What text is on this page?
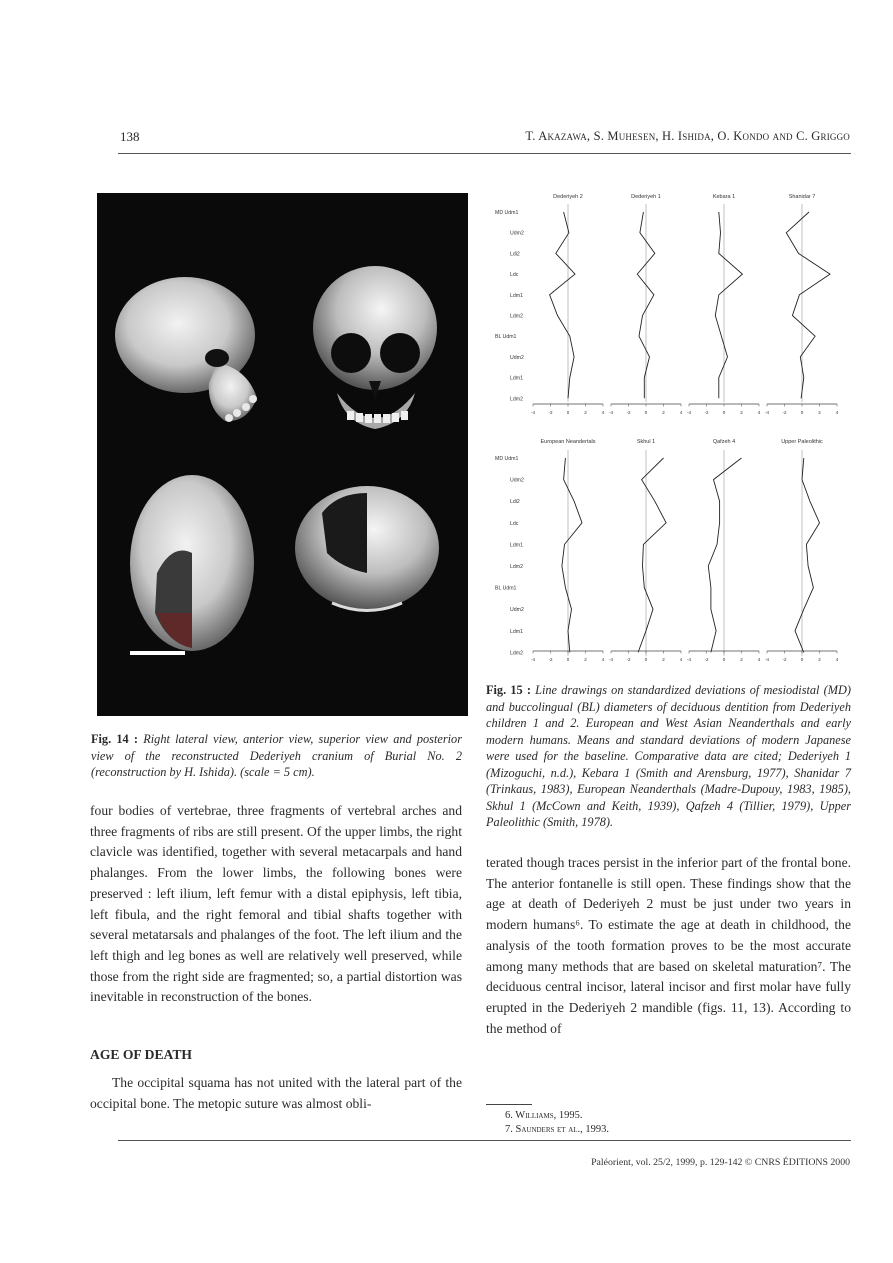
138	T. Akazawa, S. Muhesen, H. Ishida, O. Kondo and C. Griggo
Fig. 14 : Right lateral view, anterior view, superior view and posterior view of the reconstructed Dederiyeh cranium of Burial No. 2 (reconstruction by H. Ishida). (scale = 5 cm).

four bodies of vertebrae, three fragments of vertebral arches and three fragments of ribs are still present. Of the upper limbs, the right clavicle was identified, together with several metacarpals and hand phalanges. From the lower limbs, the following bones were preserved : left ilium, left femur with a distal epiphysis, left tibia, left fibula, and the right femoral and tibial shafts together with several metatarsals and phalanges of the foot. The left ilium and the left thigh and leg bones as well are relatively well preserved, while those from the right side are fragmented; so, a partial distortion was inevitable in reconstruction of the bones.

AGE OF DEATH

The occipital squama has not united with the lateral part of the occipital bone. The metopic suture was almost obli-

Dederiyeh 2
-4	-2	0	2	4
Dederiyeh 1
-4	-2	0	2	4
Kebara 1
-4	-2	0	2	4
Shanidar 7
-4	-2	0	2	4
European Neandertals
-4	-2	0	2	4
Skhul 1
-4	-2	0	2	4
Qafzeh 4
-4	-2	0	2	4
Upper Paleolithic
-4	-2	0	2	4
MD Udm1
Udm2
Ldi2
Ldc
Ldm1
Ldm2
BL Udm1
Udm2
Ldm1
Ldm2
MD Udm1
Udm2
Ldi2
Ldc
Ldm1
Ldm2
BL Udm1
Udm2
Ldm1
Ldm2
Fig. 15 : Line drawings on standardized deviations of mesiodistal (MD) and buccolingual (BL) diameters of deciduous dentition from Dederiyeh children 1 and 2. European and West Asian Neanderthals and early modern humans. Means and standard deviations of modern Japanese were used for the baseline. Comparative data are cited; Dederiyeh 1 (Mizoguchi, n.d.), Kebara 1 (Smith and Arensburg, 1977), Shanidar 7 (Trinkaus, 1983), European Neanderthals (Madre-Dupouy, 1983, 1985), Skhul 1 (McCown and Keith, 1939), Qafzeh 4 (Tillier, 1979), Upper Paleolithic (Smith, 1978).

terated though traces persist in the inferior part of the frontal bone. The anterior fontanelle is still open. These findings show that the age at death of Dederiyeh 2 must be just under two years in modern humans⁶. To estimate the age at death in childhood, the analysis of the tooth formation proves to be the most accurate among many methods that are based on skeletal maturation⁷. The deciduous central incisor, lateral incisor and first molar have fully erupted in the Dederiyeh 2 mandible (figs. 11, 13). According to the method of

6. Williams, 1995.
7. Saunders et al., 1993.
Paléorient, vol. 25/2, 1999, p. 129-142 © CNRS ÉDITIONS 2000
